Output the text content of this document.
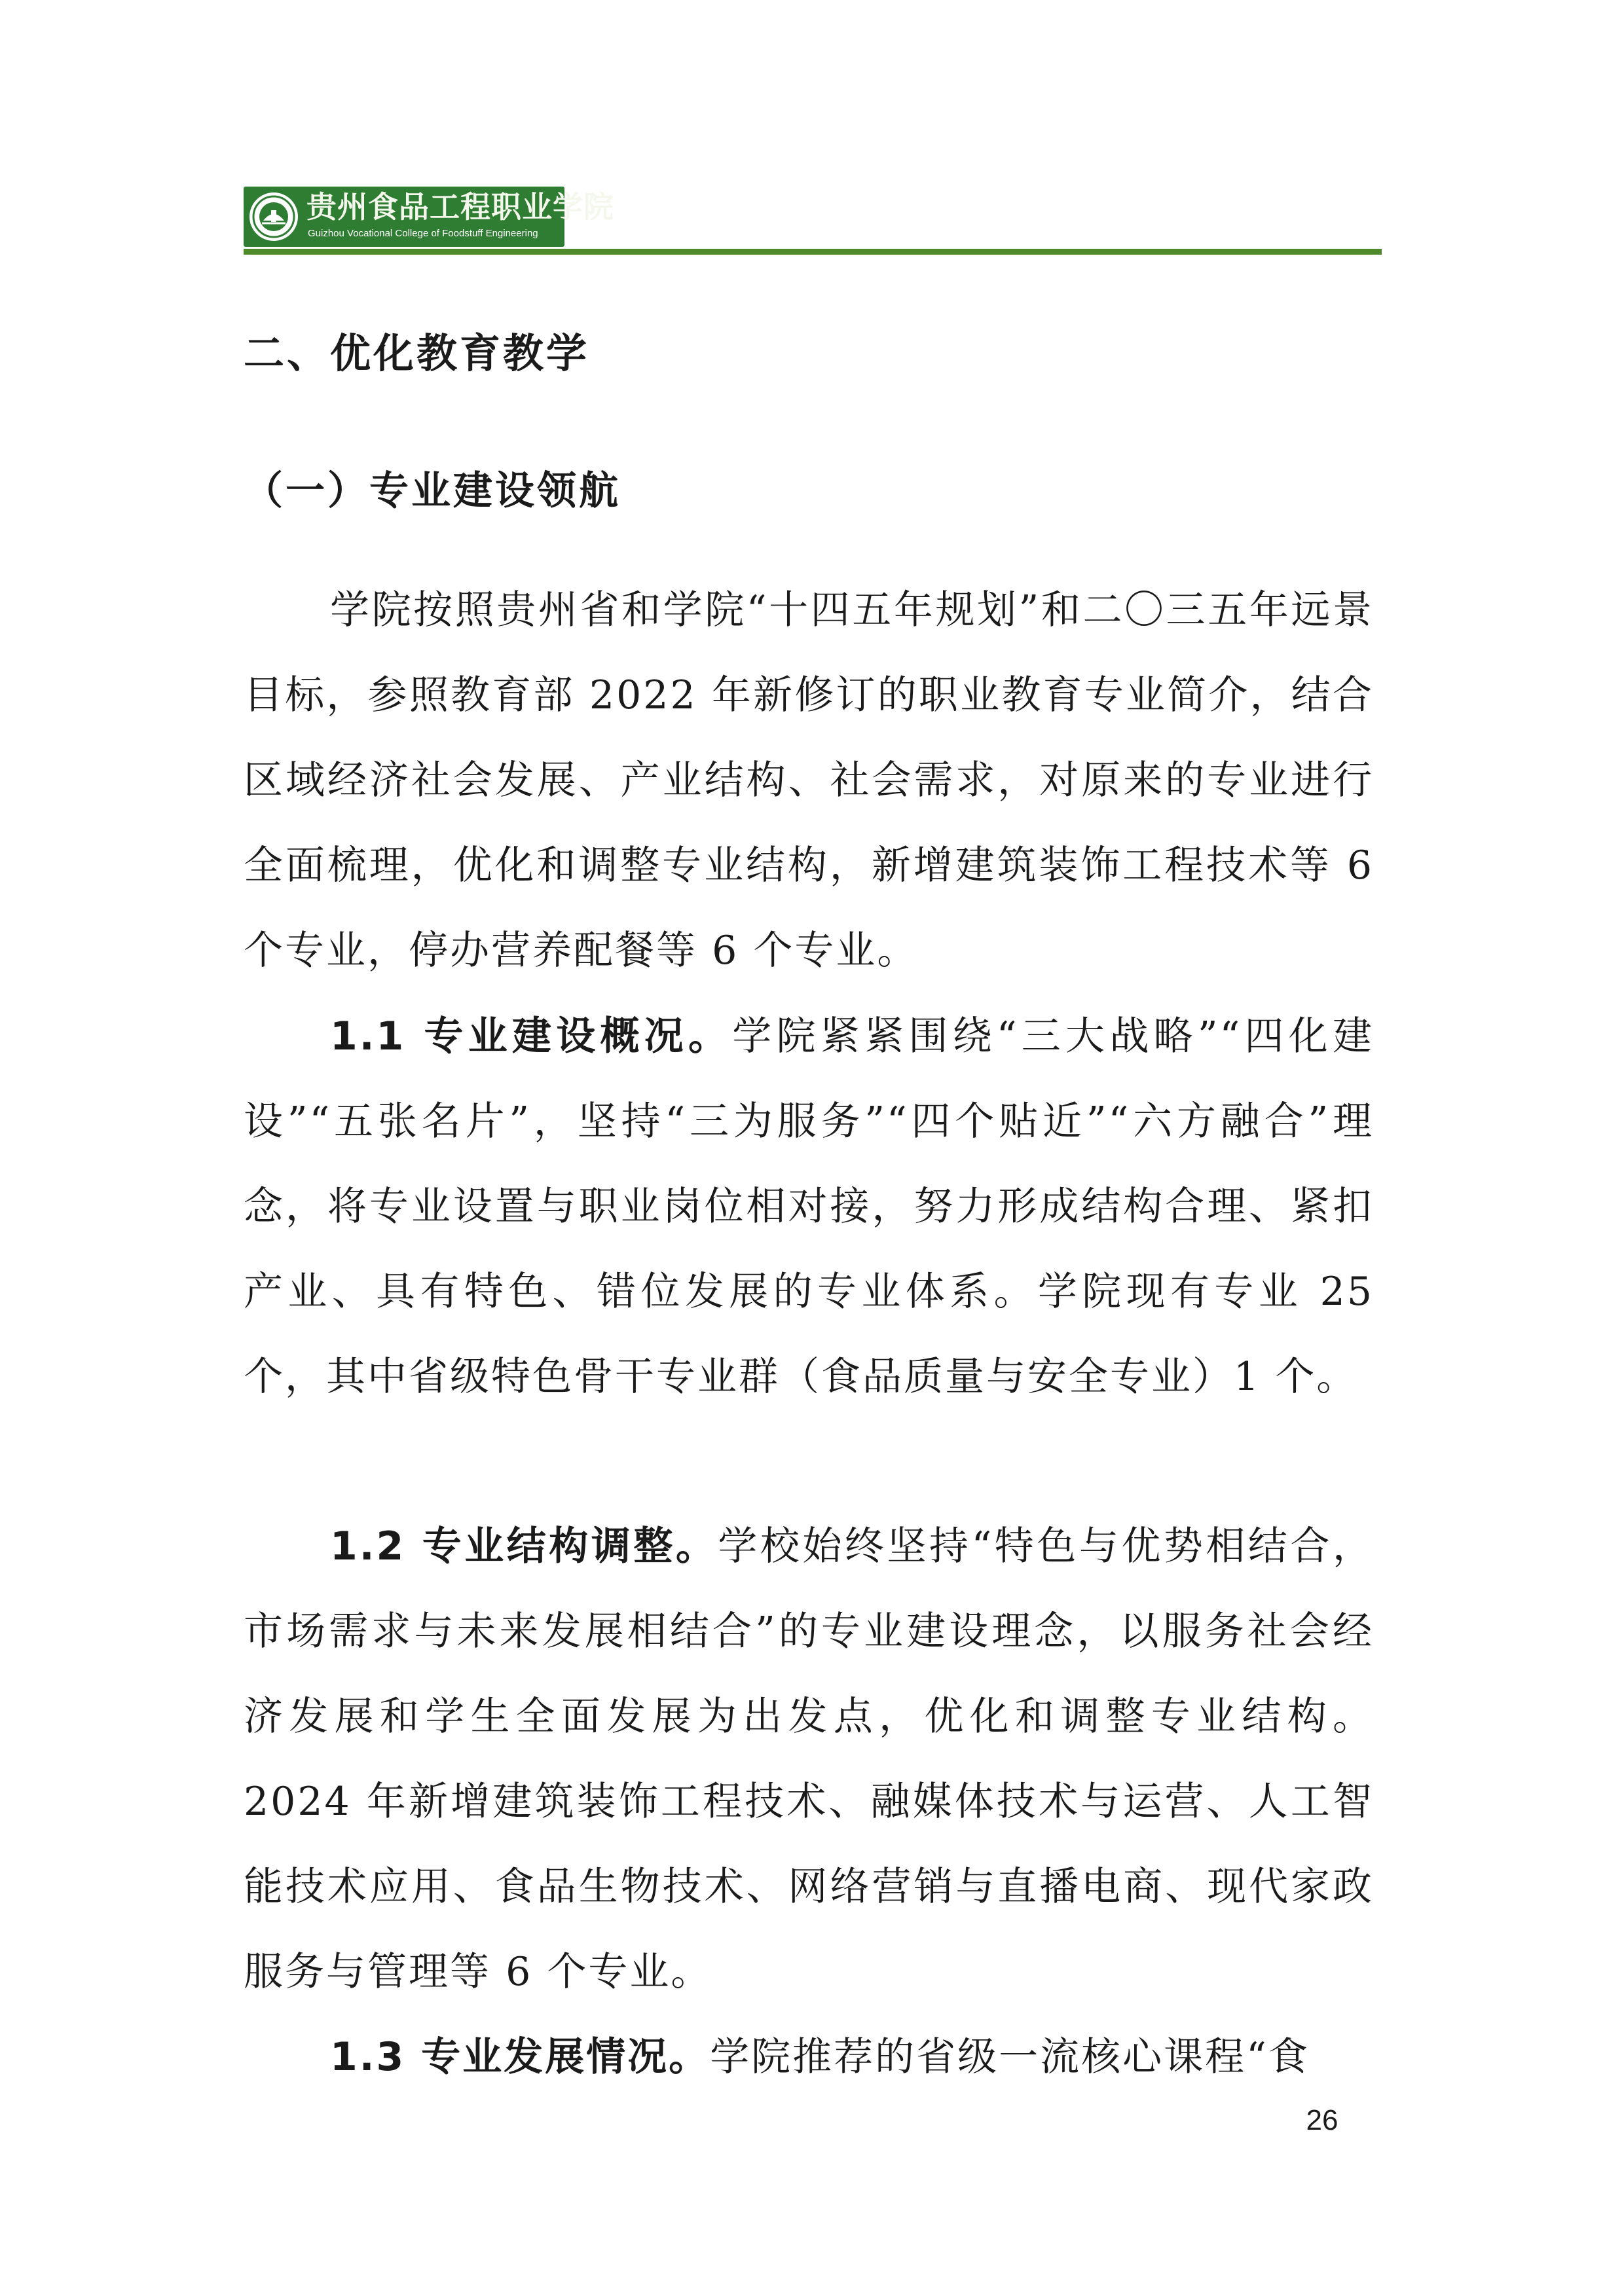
贵州食品工程职业学院
Guizhou Vocational College of Foodstuff Engineering
二、优化教育教学
（一）专业建设领航

学院按照贵州省和学院“十四五年规划”和二〇三五年远景目标，参照教育部 2022 年新修订的职业教育专业简介，结合区域经济社会发展、产业结构、社会需求，对原来的专业进行全面梳理，优化和调整专业结构，新增建筑装饰工程技术等 6 个专业，停办营养配餐等 6 个专业。

1.1 专业建设概况。学院紧紧围绕“三大战略”“四化建设”“五张名片”，坚持“三为服务”“四个贴近”“六方融合”理念，将专业设置与职业岗位相对接，努力形成结构合理、紧扣产业、具有特色、错位发展的专业体系。学院现有专业 25 个，其中省级特色骨干专业群（食品质量与安全专业）1 个。

1.2 专业结构调整。学校始终坚持“特色与优势相结合，市场需求与未来发展相结合”的专业建设理念，以服务社会经济发展和学生全面发展为出发点，优化和调整专业结构。2024 年新增建筑装饰工程技术、融媒体技术与运营、人工智能技术应用、食品生物技术、网络营销与直播电商、现代家政服务与管理等 6 个专业。

1.3 专业发展情况。学院推荐的省级一流核心课程“食

26
